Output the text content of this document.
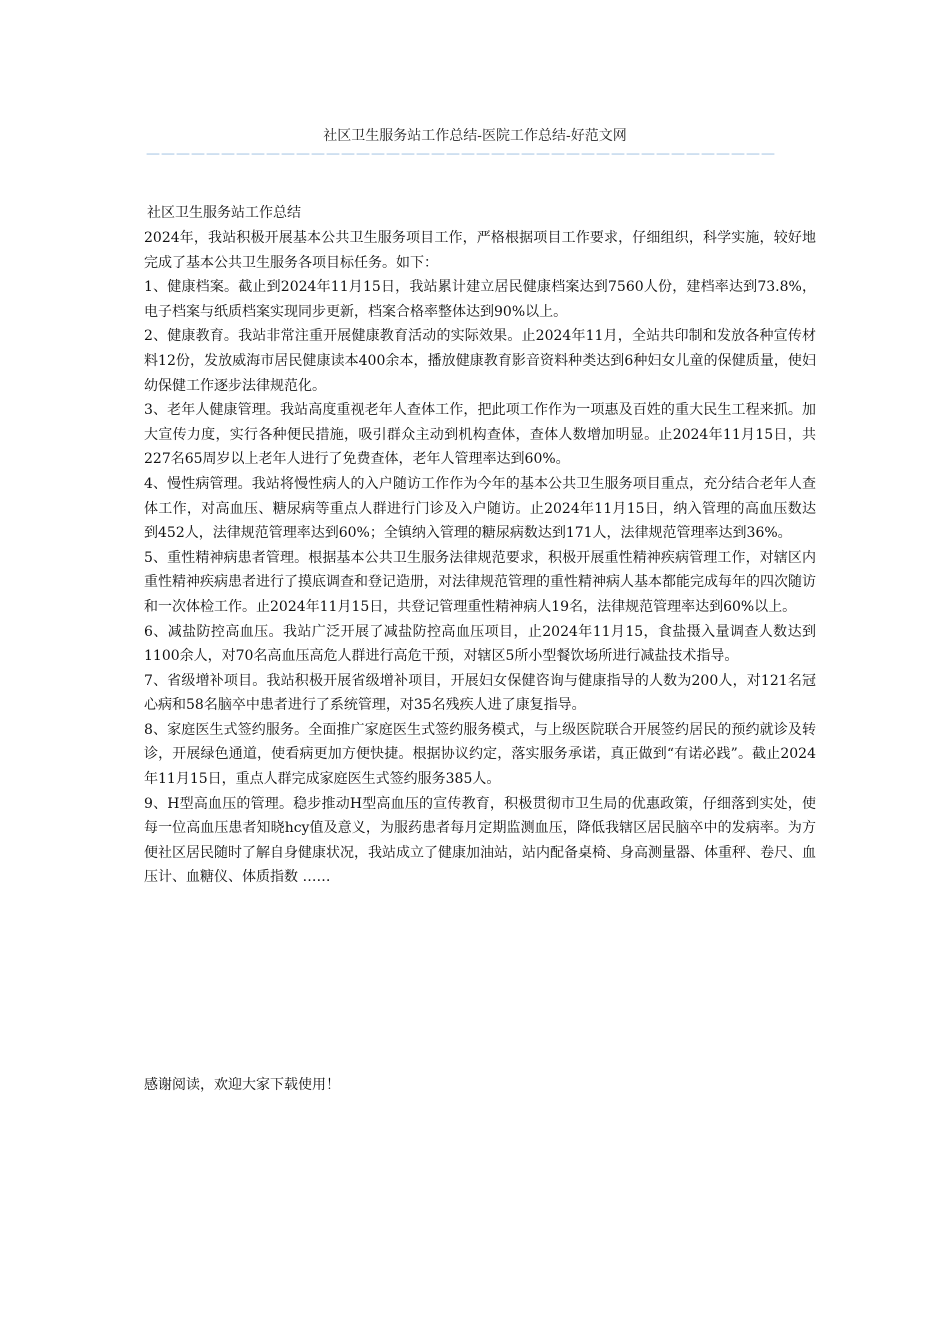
社区卫生服务站工作总结-医院工作总结-好范文网
——————————————————————————————————————————
社区卫生服务站工作总结

2024年，我站积极开展基本公共卫生服务项目工作，严格根据项目工作要求，仔细组织，科学实施，较好地完成了基本公共卫生服务各项目标任务。如下：

1、健康档案。截止到2024年11月15日，我站累计建立居民健康档案达到7560人份，建档率达到73.8%，电子档案与纸质档案实现同步更新，档案合格率整体达到90%以上。

2、健康教育。我站非常注重开展健康教育活动的实际效果。止2024年11月，全站共印制和发放各种宣传材料12份，发放威海市居民健康读本400余本，播放健康教育影音资料种类达到6种妇女儿童的保健质量，使妇幼保健工作逐步法律规范化。

3、老年人健康管理。我站高度重视老年人查体工作，把此项工作作为一项惠及百姓的重大民生工程来抓。加大宣传力度，实行各种便民措施，吸引群众主动到机构查体，查体人数增加明显。止2024年11月15日，共227名65周岁以上老年人进行了免费查体，老年人管理率达到60%。

4、慢性病管理。我站将慢性病人的入户随访工作作为今年的基本公共卫生服务项目重点，充分结合老年人查体工作，对高血压、糖尿病等重点人群进行门诊及入户随访。止2024年11月15日，纳入管理的高血压数达到452人，法律规范管理率达到60%；全镇纳入管理的糖尿病数达到171人，法律规范管理率达到36%。

5、重性精神病患者管理。根据基本公共卫生服务法律规范要求，积极开展重性精神疾病管理工作，对辖区内重性精神疾病患者进行了摸底调查和登记造册，对法律规范管理的重性精神病人基本都能完成每年的四次随访和一次体检工作。止2024年11月15日，共登记管理重性精神病人19名，法律规范管理率达到60%以上。

6、减盐防控高血压。我站广泛开展了减盐防控高血压项目，止2024年11月15，食盐摄入量调查人数达到1100余人，对70名高血压高危人群进行高危干预，对辖区5所小型餐饮场所进行减盐技术指导。

7、省级增补项目。我站积极开展省级增补项目，开展妇女保健咨询与健康指导的人数为200人，对121名冠心病和58名脑卒中患者进行了系统管理，对35名残疾人进了康复指导。

8、家庭医生式签约服务。全面推广家庭医生式签约服务模式，与上级医院联合开展签约居民的预约就诊及转诊，开展绿色通道，使看病更加方便快捷。根据协议约定，落实服务承诺，真正做到“有诺必践”。截止2024年11月15日，重点人群完成家庭医生式签约服务385人。

9、H型高血压的管理。稳步推动H型高血压的宣传教育，积极贯彻市卫生局的优惠政策，仔细落到实处，使每一位高血压患者知晓hcy值及意义，为服药患者每月定期监测血压，降低我辖区居民脑卒中的发病率。为方便社区居民随时了解自身健康状况，我站成立了健康加油站，站内配备桌椅、身高测量器、体重秤、卷尺、血压计、血糖仪、体质指数 ……

感谢阅读，欢迎大家下载使用！
